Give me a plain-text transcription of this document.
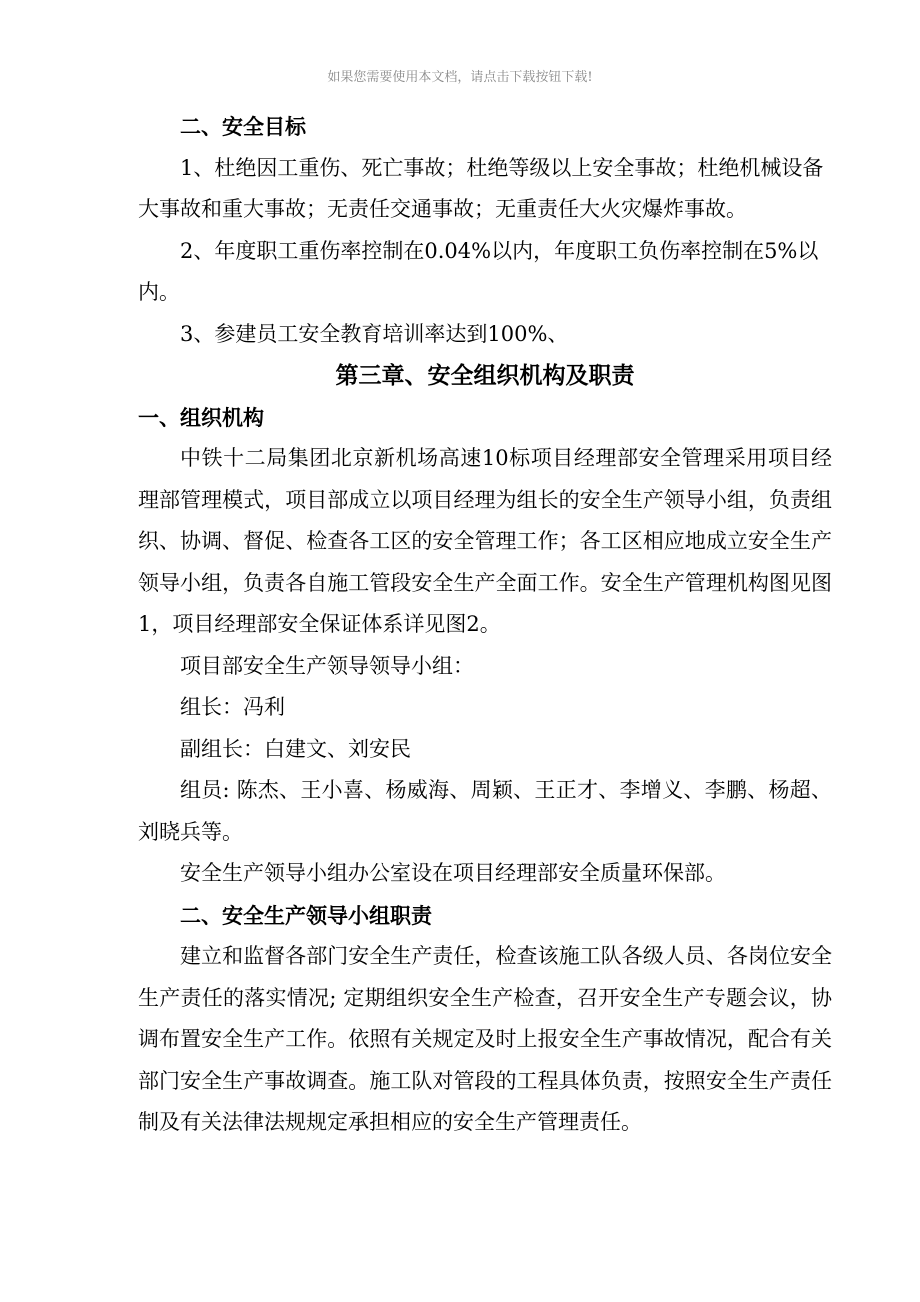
如果您需要使用本文档，请点击下载按钮下载!

二、安全目标

1、杜绝因工重伤、死亡事故；杜绝等级以上安全事故；杜绝机械设备大事故和重大事故；无责任交通事故；无重责任大火灾爆炸事故。

2、年度职工重伤率控制在0.04%以内，年度职工负伤率控制在5%以内。

3、参建员工安全教育培训率达到100%、

第三章、安全组织机构及职责

一、组织机构

中铁十二局集团北京新机场高速10标项目经理部安全管理采用项目经理部管理模式，项目部成立以项目经理为组长的安全生产领导小组，负责组织、协调、督促、检查各工区的安全管理工作；各工区相应地成立安全生产领导小组，负责各自施工管段安全生产全面工作。安全生产管理机构图见图1，项目经理部安全保证体系详见图2。

项目部安全生产领导领导小组：

组长：冯利

副组长：白建文、刘安民

组员: 陈杰、王小喜、杨威海、周颖、王正才、李增义、李鹏、杨超、刘晓兵等。

安全生产领导小组办公室设在项目经理部安全质量环保部。

二、安全生产领导小组职责

建立和监督各部门安全生产责任，检查该施工队各级人员、各岗位安全生产责任的落实情况; 定期组织安全生产检查，召开安全生产专题会议，协调布置安全生产工作。依照有关规定及时上报安全生产事故情况，配合有关部门安全生产事故调查。施工队对管段的工程具体负责，按照安全生产责任制及有关法律法规规定承担相应的安全生产管理责任。
